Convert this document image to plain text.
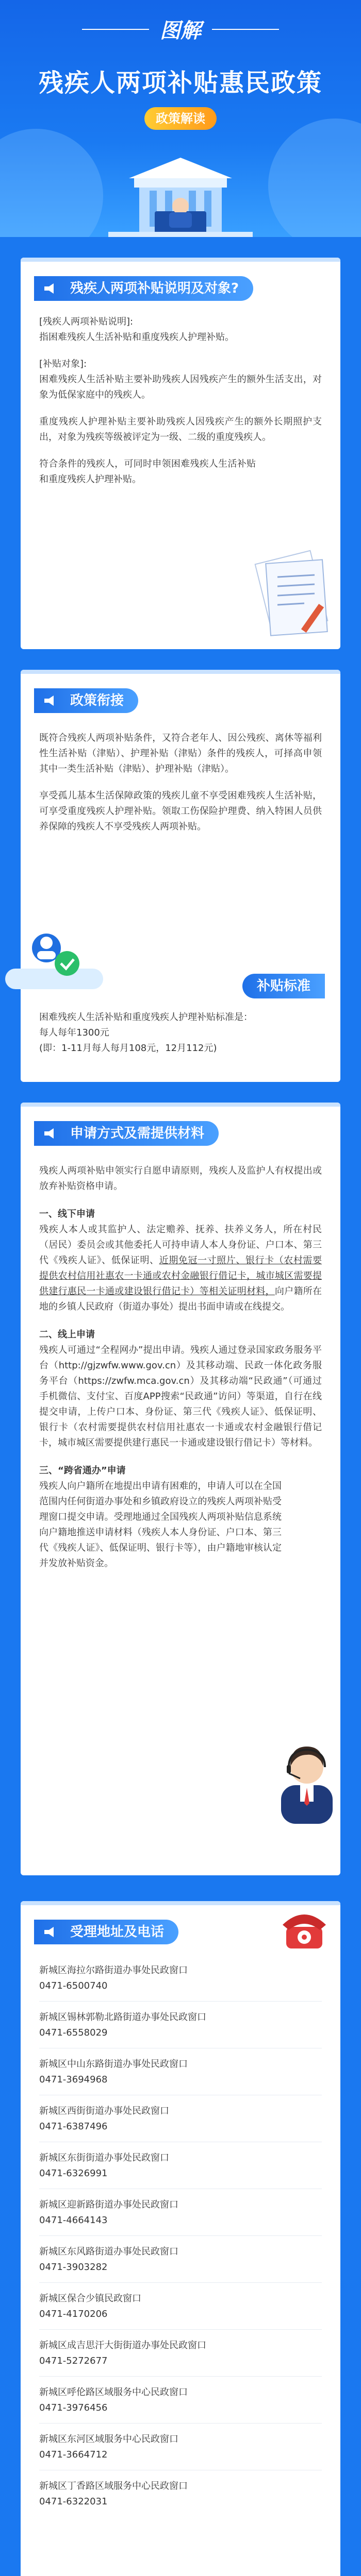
图解
残疾人两项补贴惠民政策
政策解读
残疾人两项补贴说明及对象?

[残疾人两项补贴说明]:

指困难残疾人生活补贴和重度残疾人护理补贴。

[补贴对象]:

困难残疾人生活补贴主要补助残疾人因残疾产生的额外生活支出，对象为低保家庭中的残疾人。

重度残疾人护理补贴主要补助残疾人因残疾产生的额外长期照护支出，对象为残疾等级被评定为一级、二级的重度残疾人。

符合条件的残疾人，可同时申领困难残疾人生活补贴和重度残疾人护理补贴。

政策衔接

既符合残疾人两项补贴条件，又符合老年人、因公残疾、离休等福利性生活补贴（津贴）、护理补贴（津贴）条件的残疾人，可择高申领其中一类生活补贴（津贴）、护理补贴（津贴）。

享受孤儿基本生活保障政策的残疾儿童不享受困难残疾人生活补贴，可享受重度残疾人护理补贴。领取工伤保险护理费、纳入特困人员供养保障的残疾人不享受残疾人两项补贴。

补贴标准

困难残疾人生活补贴和重度残疾人护理补贴标准是：

每人每年1300元

(即：1-11月每人每月108元，12月112元)

申请方式及需提供材料

残疾人两项补贴申领实行自愿申请原则，残疾人及监护人有权提出或放弃补贴资格申请。

一、线下申请

残疾人本人或其监护人、法定赡养、抚养、扶养义务人，所在村民（居民）委员会或其他委托人可持申请人本人身份证、户口本、第三代《残疾人证》、低保证明、近期免冠一寸照片、银行卡（农村需要提供农村信用社惠农一卡通或农村金融银行借记卡，城市城区需要提供建行惠民一卡通或建设银行借记卡）等相关证明材料，向户籍所在地的乡镇人民政府（街道办事处）提出书面申请或在线提交。

二、线上申请

残疾人可通过“全程网办”提出申请。残疾人通过登录国家政务服务平台（http://gjzwfw.www.gov.cn）及其移动端、民政一体化政务服务平台（https://zwfw.mca.gov.cn）及其移动端“民政通”（可通过手机微信、支付宝、百度APP搜索“民政通”访问）等渠道，自行在线提交申请，上传户口本、身份证、第三代《残疾人证》、低保证明、银行卡（农村需要提供农村信用社惠农一卡通或农村金融银行借记卡，城市城区需要提供建行惠民一卡通或建设银行借记卡）等材料。

三、“跨省通办”申请

残疾人向户籍所在地提出申请有困难的，申请人可以在全国范围内任何街道办事处和乡镇政府设立的残疾人两项补贴受理窗口提交申请。受理地通过全国残疾人两项补贴信息系统向户籍地推送申请材料（残疾人本人身份证、户口本、第三代《残疾人证》、低保证明、银行卡等），由户籍地审核认定并发放补贴资金。

受理地址及电话

新城区海拉尔路街道办事处民政窗口

0471-6500740

新城区锡林郭勒北路街道办事处民政窗口

0471-6558029

新城区中山东路街道办事处民政窗口

0471-3694968

新城区西街街道办事处民政窗口

0471-6387496

新城区东街街道办事处民政窗口

0471-6326991

新城区迎新路街道办事处民政窗口

0471-4664143

新城区东风路街道办事处民政窗口

0471-3903282

新城区保合少镇民政窗口

0471-4170206

新城区成吉思汗大街街道办事处民政窗口

0471-5272677

新城区呼伦路区域服务中心民政窗口

0471-3976456

新城区东河区域服务中心民政窗口

0471-3664712

新城区丁香路区域服务中心民政窗口

0471-6322031
